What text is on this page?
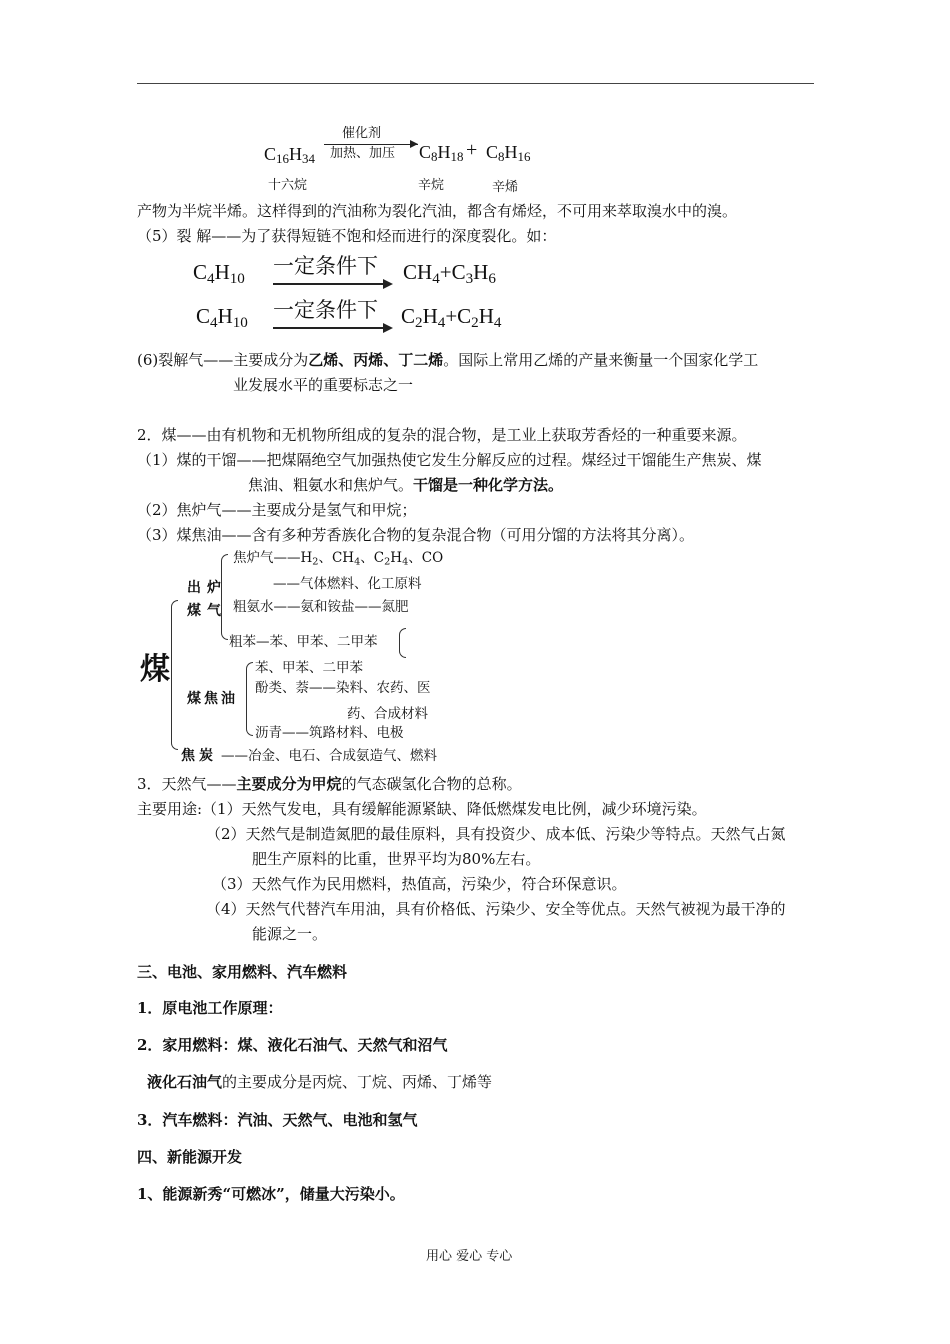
$C_{16}H_{34}$
催化剂
加热、加压 $C_8H_{18} + C_8H_{16}$
十六烷	辛烷	辛烯
产物为半烷半烯。这样得到的汽油称为裂化汽油，都含有烯烃，不可用来萃取溴水中的溴。
（5）裂 解——为了获得短链不饱和烃而进行的深度裂化。如：
$C_4H_{10}$
一定条件下 $CH_4+C_3H_6$
$C_4H_{10}$
一定条件下 $C_2H_4+C_2H_4$
(6)裂解气——主要成分为乙烯、丙烯、丁二烯。国际上常用乙烯的产量来衡量一个国家化学工
业发展水平的重要标志之一
2．煤——由有机物和无机物所组成的复杂的混合物，是工业上获取芳香烃的一种重要来源。
（1）煤的干馏——把煤隔绝空气加强热使它发生分解反应的过程。煤经过干馏能生产焦炭、煤
焦油、粗氨水和焦炉气。干馏是一种化学方法。
（2）焦炉气——主要成分是氢气和甲烷；
（3）煤焦油——含有多种芳香族化合物的复杂混合物（可用分馏的方法将其分离）。
煤
出炉
煤气
焦炉气$——H_2$、$CH_4$、$C_2H_4$、CO
——气体燃料、化工原料
粗氨水——氨和铵盐——氮肥
粗苯—苯、甲苯、二甲苯
煤焦油
苯、甲苯、二甲苯
酚类、萘——染料、农药、医
药、合成材料
沥青——筑路材料、电极
焦炭 ——冶金、电石、合成氨造气、燃料
3．天然气——主要成分为甲烷的气态碳氢化合物的总称。
主要用途:（1）天然气发电，具有缓解能源紧缺、降低燃煤发电比例，减少环境污染。
（2）天然气是制造氮肥的最佳原料，具有投资少、成本低、污染少等特点。天然气占氮
肥生产原料的比重，世界平均为80%左右。
（3）天然气作为民用燃料，热值高，污染少，符合环保意识。
（4）天然气代替汽车用油，具有价格低、污染少、安全等优点。天然气被视为最干净的
能源之一。
三、电池、家用燃料、汽车燃料
1．原电池工作原理：
2．家用燃料：煤、液化石油气、天然气和沼气
液化石油气的主要成分是丙烷、丁烷、丙烯、丁烯等
3．汽车燃料：汽油、天然气、电池和氢气
四、新能源开发
1、能源新秀“可燃冰”，储量大污染小。
用心 爱心 专心
